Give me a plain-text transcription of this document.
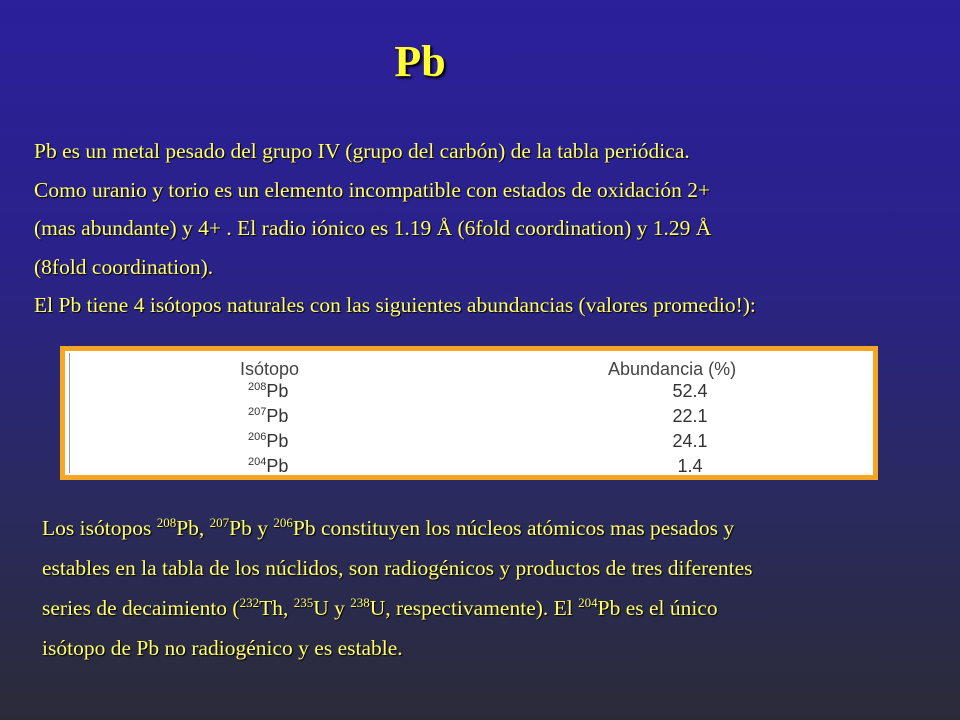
Pb

Pb es un metal pesado del grupo IV (grupo del carbón) de la tabla periódica.

Como uranio y torio es un elemento incompatible con estados de oxidación 2+

(mas abundante) y 4+ . El radio iónico es 1.19 Å (6fold coordination) y 1.29 Å

(8fold coordination).

El Pb tiene 4 isótopos naturales con las siguientes abundancias (valores promedio!):

Isótopo	Abundancia (%)
$^{208}$Pb	52.4
$^{207}$Pb	22.1
$^{206}$Pb	24.1
$^{204}$Pb	1.4

Los isótopos $^{208}$Pb, $^{207}$Pb y $^{206}$Pb constituyen los núcleos atómicos mas pesados y

estables en la tabla de los núclidos, son radiogénicos y productos de tres diferentes

series de decaimiento ($^{232}$Th, $^{235}$U y $^{238}$U, respectivamente). El $^{204}$Pb es el único

isótopo de Pb no radiogénico y es estable.
